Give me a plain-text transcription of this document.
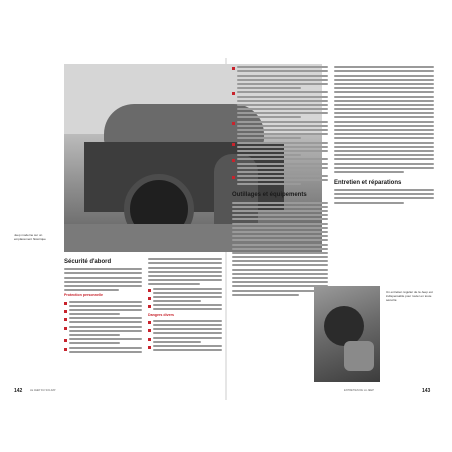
Jeep moderne sur un emplacement historique
Sécurité d'abord
Protection personnelle
Dangers divers
Outillages et équipements
Entretien et réparations
Un entretien régulier de la Jeep est indispensable pour rouler en toute sécurité
142	LE JEEP DU SOLDAT	ENTRETIEN DE LA JEEP	143
